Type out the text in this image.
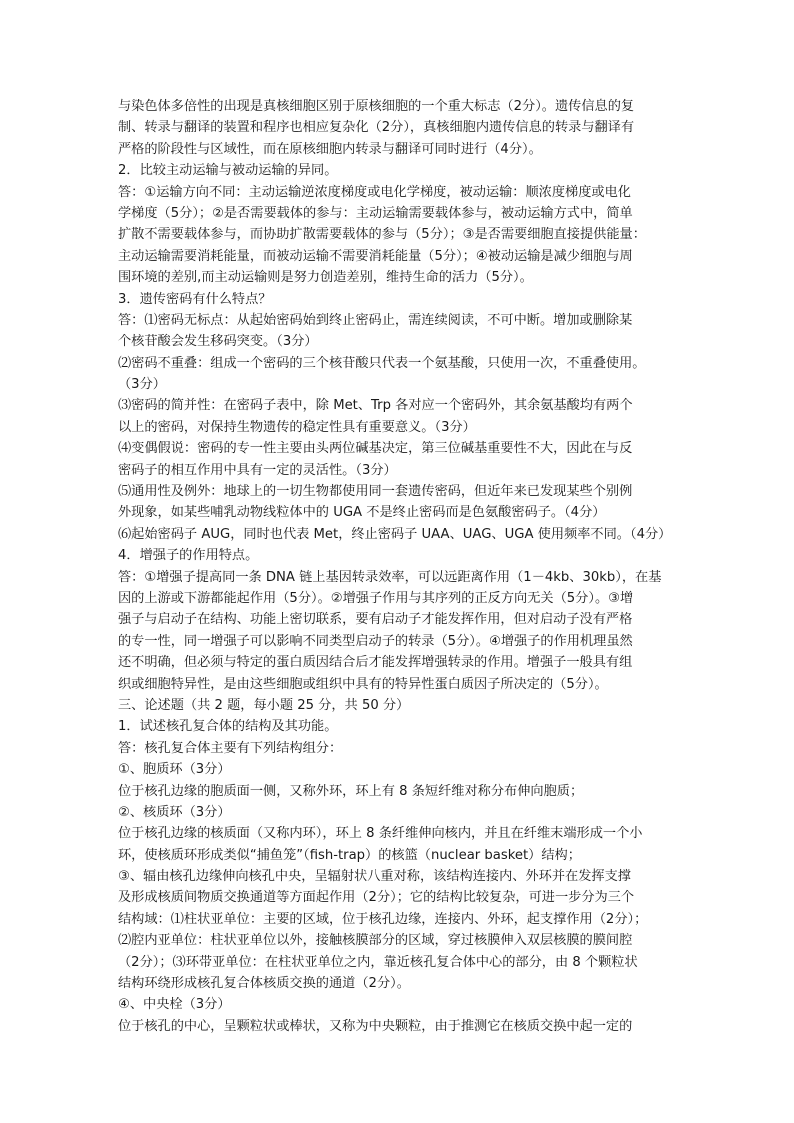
与染色体多倍性的出现是真核细胞区别于原核细胞的一个重大标志（2分）。遗传信息的复
制、转录与翻译的装置和程序也相应复杂化（2分），真核细胞内遗传信息的转录与翻译有
严格的阶段性与区域性，而在原核细胞内转录与翻译可同时进行（4分）。
2．比较主动运输与被动运输的异同。
答：①运输方向不同：主动运输逆浓度梯度或电化学梯度，被动运输：顺浓度梯度或电化
学梯度（5分）；②是否需要载体的参与：主动运输需要载体参与，被动运输方式中，简单
扩散不需要载体参与，而协助扩散需要载体的参与（5分）；③是否需要细胞直接提供能量：
主动运输需要消耗能量，而被动运输不需要消耗能量（5分）；④被动运输是减少细胞与周
围环境的差别,而主动运输则是努力创造差别，维持生命的活力（5分）。
3．遗传密码有什么特点？
答：⑴密码无标点：从起始密码始到终止密码止，需连续阅读，不可中断。增加或删除某
个核苷酸会发生移码突变。（3分）
⑵密码不重叠：组成一个密码的三个核苷酸只代表一个氨基酸，只使用一次，不重叠使用。
（3分）
⑶密码的简并性：在密码子表中，除 Met、Trp 各对应一个密码外，其余氨基酸均有两个
以上的密码，对保持生物遗传的稳定性具有重要意义。（3分）
⑷变偶假说：密码的专一性主要由头两位碱基决定，第三位碱基重要性不大，因此在与反
密码子的相互作用中具有一定的灵活性。（3分）
⑸通用性及例外：地球上的一切生物都使用同一套遗传密码，但近年来已发现某些个别例
外现象，如某些哺乳动物线粒体中的 UGA 不是终止密码而是色氨酸密码子。（4分）
⑹起始密码子 AUG，同时也代表 Met，终止密码子 UAA、UAG、UGA 使用频率不同。（4分）
4．增强子的作用特点。
答：①增强子提高同一条 DNA 链上基因转录效率，可以远距离作用（1－4kb、30kb），在基
因的上游或下游都能起作用（5分）。②增强子作用与其序列的正反方向无关（5分）。③增
强子与启动子在结构、功能上密切联系，要有启动子才能发挥作用，但对启动子没有严格
的专一性，同一增强子可以影响不同类型启动子的转录（5分）。④增强子的作用机理虽然
还不明确，但必须与特定的蛋白质因结合后才能发挥增强转录的作用。增强子一般具有组
织或细胞特异性，是由这些细胞或组织中具有的特异性蛋白质因子所决定的（5分）。
三、论述题（共 2 题，每小题 25 分，共 50 分）
1．试述核孔复合体的结构及其功能。
答：核孔复合体主要有下列结构组分：
①、胞质环（3分）
位于核孔边缘的胞质面一侧，又称外环，环上有 8 条短纤维对称分布伸向胞质；
②、核质环（3分）
位于核孔边缘的核质面（又称内环），环上 8 条纤维伸向核内，并且在纤维末端形成一个小
环，使核质环形成类似“捕鱼笼”（fish-trap）的核篮（nuclear basket）结构；
③、辐由核孔边缘伸向核孔中央，呈辐射状八重对称，该结构连接内、外环并在发挥支撑
及形成核质间物质交换通道等方面起作用（2分）；它的结构比较复杂，可进一步分为三个
结构域：⑴柱状亚单位：主要的区域，位于核孔边缘，连接内、外环，起支撑作用（2分）；
⑵腔内亚单位：柱状亚单位以外，接触核膜部分的区域，穿过核膜伸入双层核膜的膜间腔
（2分）；⑶环带亚单位：在柱状亚单位之内，靠近核孔复合体中心的部分，由 8 个颗粒状
结构环绕形成核孔复合体核质交换的通道（2分）。
④、中央栓（3分）
位于核孔的中心，呈颗粒状或棒状，又称为中央颗粒，由于推测它在核质交换中起一定的
